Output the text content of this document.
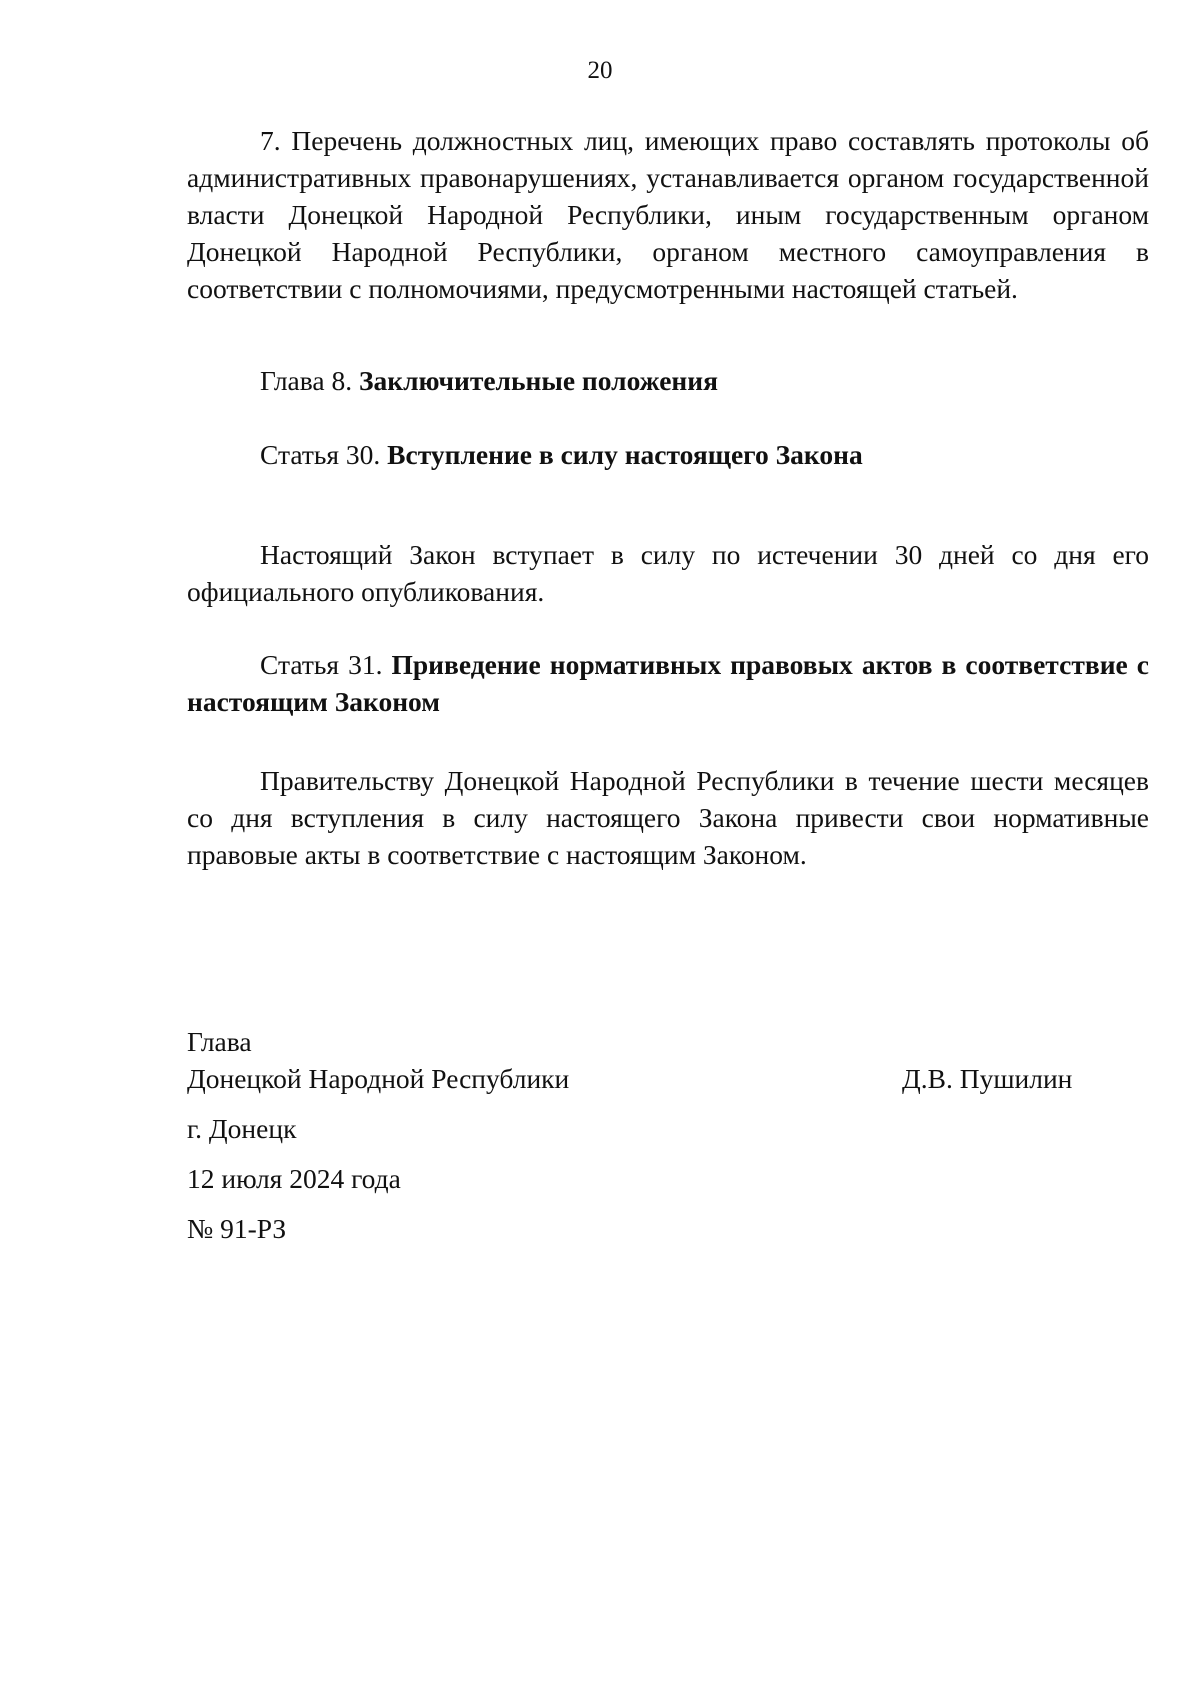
20

7. Перечень должностных лиц, имеющих право составлять протоколы об административных правонарушениях, устанавливается органом государственной власти Донецкой Народной Республики, иным государственным органом Донецкой Народной Республики, органом местного самоуправления в соответствии с полномочиями, предусмотренными настоящей статьей.

Глава 8. Заключительные положения

Статья 30. Вступление в силу настоящего Закона

Настоящий Закон вступает в силу по истечении 30 дней со дня его официального опубликования.

Статья 31. Приведение нормативных правовых актов в соответствие с настоящим Законом

Правительству Донецкой Народной Республики в течение шести месяцев со дня вступления в силу настоящего Закона привести свои нормативные правовые акты в соответствие с настоящим Законом.

Глава
Донецкой Народной Республики	Д.В. Пушилин
г. Донецк
12 июля 2024 года
№ 91-РЗ
